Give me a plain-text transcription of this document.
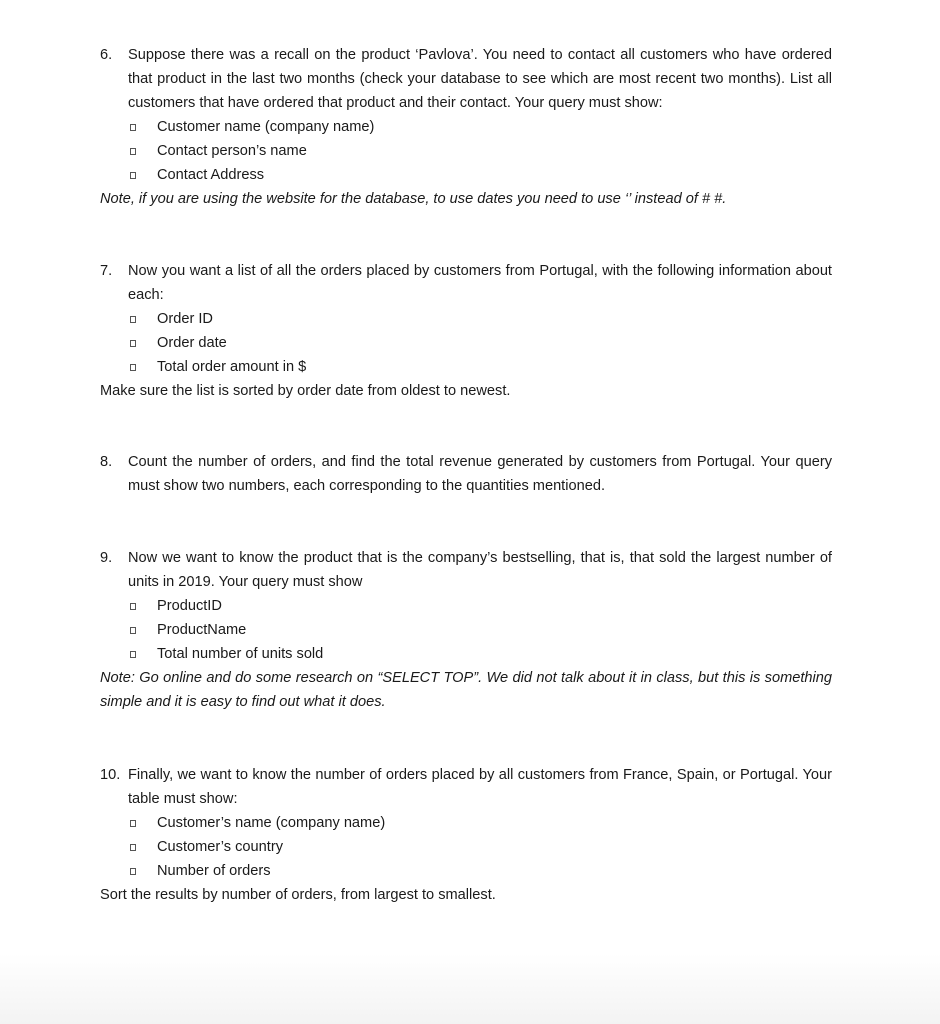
6. Suppose there was a recall on the product ‘Pavlova’. You need to contact all customers who have ordered that product in the last two months (check your database to see which are most recent two months). List all customers that have ordered that product and their contact. Your query must show:
Customer name (company name)
Contact person’s name
Contact Address
Note, if you are using the website for the database, to use dates you need to use ‘’ instead of # #.
7. Now you want a list of all the orders placed by customers from Portugal, with the following information about each:
Order ID
Order date
Total order amount in $
Make sure the list is sorted by order date from oldest to newest.
8. Count the number of orders, and find the total revenue generated by customers from Portugal. Your query must show two numbers, each corresponding to the quantities mentioned.
9. Now we want to know the product that is the company’s bestselling, that is, that sold the largest number of units in 2019. Your query must show
ProductID
ProductName
Total number of units sold
Note: Go online and do some research on “SELECT TOP”. We did not talk about it in class, but this is something simple and it is easy to find out what it does.
10. Finally, we want to know the number of orders placed by all customers from France, Spain, or Portugal. Your table must show:
Customer’s name (company name)
Customer’s country
Number of orders
Sort the results by number of orders, from largest to smallest.
